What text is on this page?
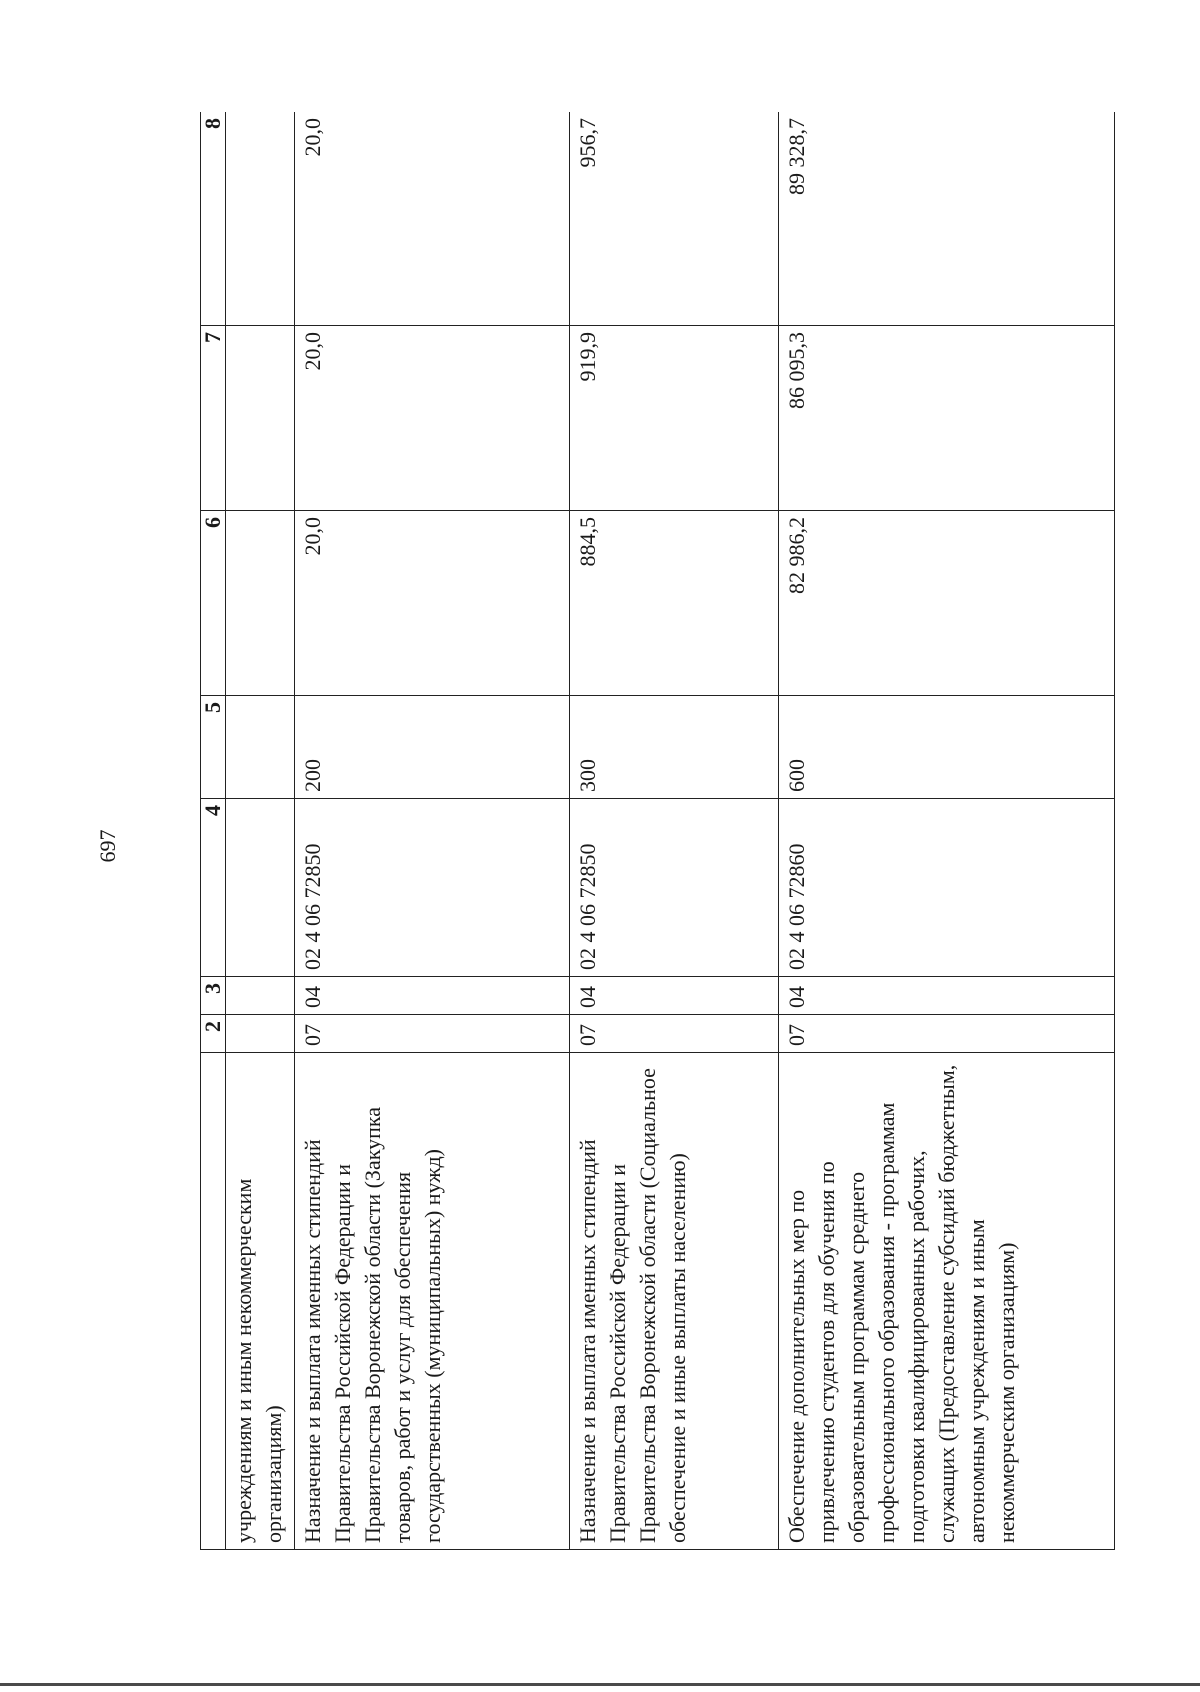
697
	2	3	4	5	6	7	8
учреждениям и иным некоммерческим организациям)							
Назначение и выплата именных стипендий Правительства Российской Федерации и Правительства Воронежской области (Закупка товаров, работ и услуг для обеспечения государственных (муниципальных) нужд)	07	04	02 4 06 72850	200	20,0	20,0	20,0
Назначение и выплата именных стипендий Правительства Российской Федерации и Правительства Воронежской области (Социальное обеспечение и иные выплаты населению)	07	04	02 4 06 72850	300	884,5	919,9	956,7
Обеспечение дополнительных мер по привлечению студентов для обучения по образовательным программам среднего профессионального образования - программам подготовки квалифицированных рабочих, служащих (Предоставление субсидий бюджетным, автономным учреждениям и иным некоммерческим организациям)	07	04	02 4 06 72860	600	82 986,2	86 095,3	89 328,7
